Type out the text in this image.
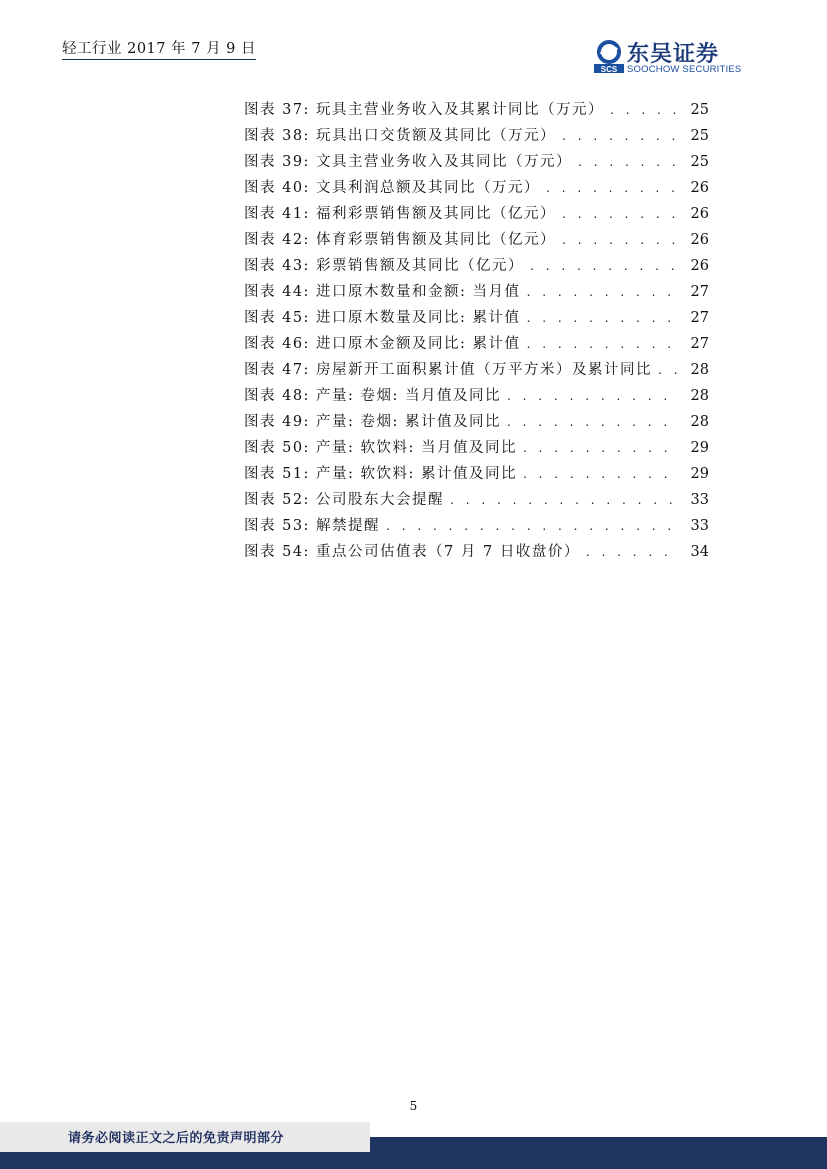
轻工行业 2017 年 7 月 9 日
SCS
东吴证券
SOOCHOW SECURITIES
图表 37: 玩具主营业务收入及其累计同比（万元） . . .	25
图表 38: 玩具出口交货额及其同比（万元） . . .	25
图表 39: 文具主营业务收入及其同比（万元） . . .	25
图表 40: 文具利润总额及其同比（万元） . . .	26
图表 41: 福利彩票销售额及其同比（亿元） . . .	26
图表 42: 体育彩票销售额及其同比（亿元） . . .	26
图表 43: 彩票销售额及其同比（亿元） . . .	26
图表 44: 进口原木数量和金额: 当月值 . . .	27
图表 45: 进口原木数量及同比: 累计值 . . .	27
图表 46: 进口原木金额及同比: 累计值 . . .	27
图表 47: 房屋新开工面积累计值（万平方米）及累计同比 . . .	28
图表 48: 产量: 卷烟: 当月值及同比 . . .	28
图表 49: 产量: 卷烟: 累计值及同比 . . .	28
图表 50: 产量: 软饮料: 当月值及同比 . . .	29
图表 51: 产量: 软饮料: 累计值及同比 . . .	29
图表 52: 公司股东大会提醒 . . .	33
图表 53: 解禁提醒 . . .	33
图表 54: 重点公司估值表（7 月 7 日收盘价） . . .	34
5
请务必阅读正文之后的免责声明部分
